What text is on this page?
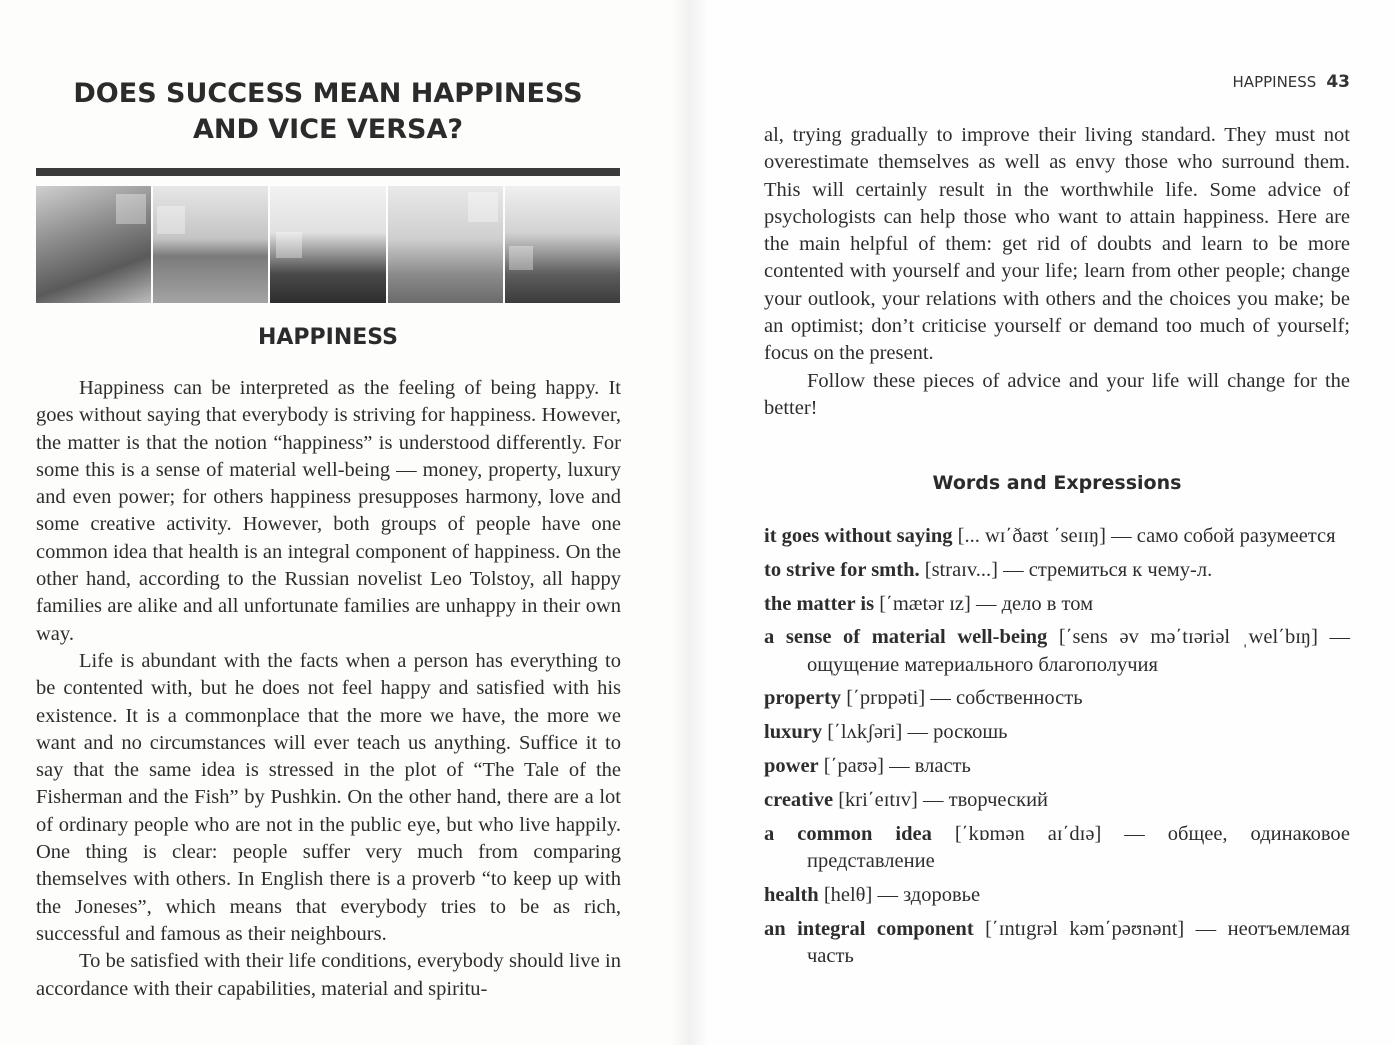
DOES SUCCESS MEAN HAPPINESS
AND VICE VERSA?
HAPPINESS

Happiness can be interpreted as the feeling of being happy. It goes without saying that everybody is striving for happiness. However, the matter is that the notion “happiness” is understood differently. For some this is a sense of material well-being — money, property, luxury and even power; for others happiness presupposes harmony, love and some creative activity. However, both groups of people have one common idea that health is an integral component of happiness. On the other hand, according to the Russian novelist Leo Tolstoy, all happy families are alike and all unfortunate families are unhappy in their own way.

Life is abundant with the facts when a person has everything to be contented with, but he does not feel happy and satisfied with his existence. It is a commonplace that the more we have, the more we want and no circumstances will ever teach us anything. Suffice it to say that the same idea is stressed in the plot of “The Tale of the Fisherman and the Fish” by Pushkin. On the other hand, there are a lot of ordinary people who are not in the public eye, but who live happily. One thing is clear: people suffer very much from comparing themselves with others. In English there is a proverb “to keep up with the Joneses”, which means that everybody tries to be as rich, successful and famous as their neighbours.

To be satisfied with their life conditions, everybody should live in accordance with their capabilities, material and spiritu-

HAPPINESS 43

al, trying gradually to improve their living standard. They must not overestimate themselves as well as envy those who surround them. This will certainly result in the worthwhile life. Some advice of psychologists can help those who want to attain happiness. Here are the main helpful of them: get rid of doubts and learn to be more contented with yourself and your life; learn from other people; change your outlook, your relations with others and the choices you make; be an optimist; don’t criticise yourself or demand too much of yourself; focus on the present.

Follow these pieces of advice and your life will change for the better!

Words and Expressions
it goes without saying [... wɪ΄ðaʊt ΄seɪɪŋ] — само собой разумеется
to strive for smth. [straɪv...] — стремиться к чему-л.
the matter is [΄mætər ɪz] — дело в том
a sense of material well-being [΄sens əv mə΄tɪəriəl ˌwel΄bɪŋ] — ощущение материального благополучия
property [΄prɒpəti] — собственность
luxury [΄lʌkʃəri] — роскошь
power [΄paʊə] — власть
creative [kri΄eɪtɪv] — творческий
a common idea [΄kɒmən aɪ΄dɪə] — общее, одинаковое представление
health [helθ] — здоровье
an integral component [΄ɪntɪgrəl kəm΄pəʊnənt] — неотъемлемая часть
